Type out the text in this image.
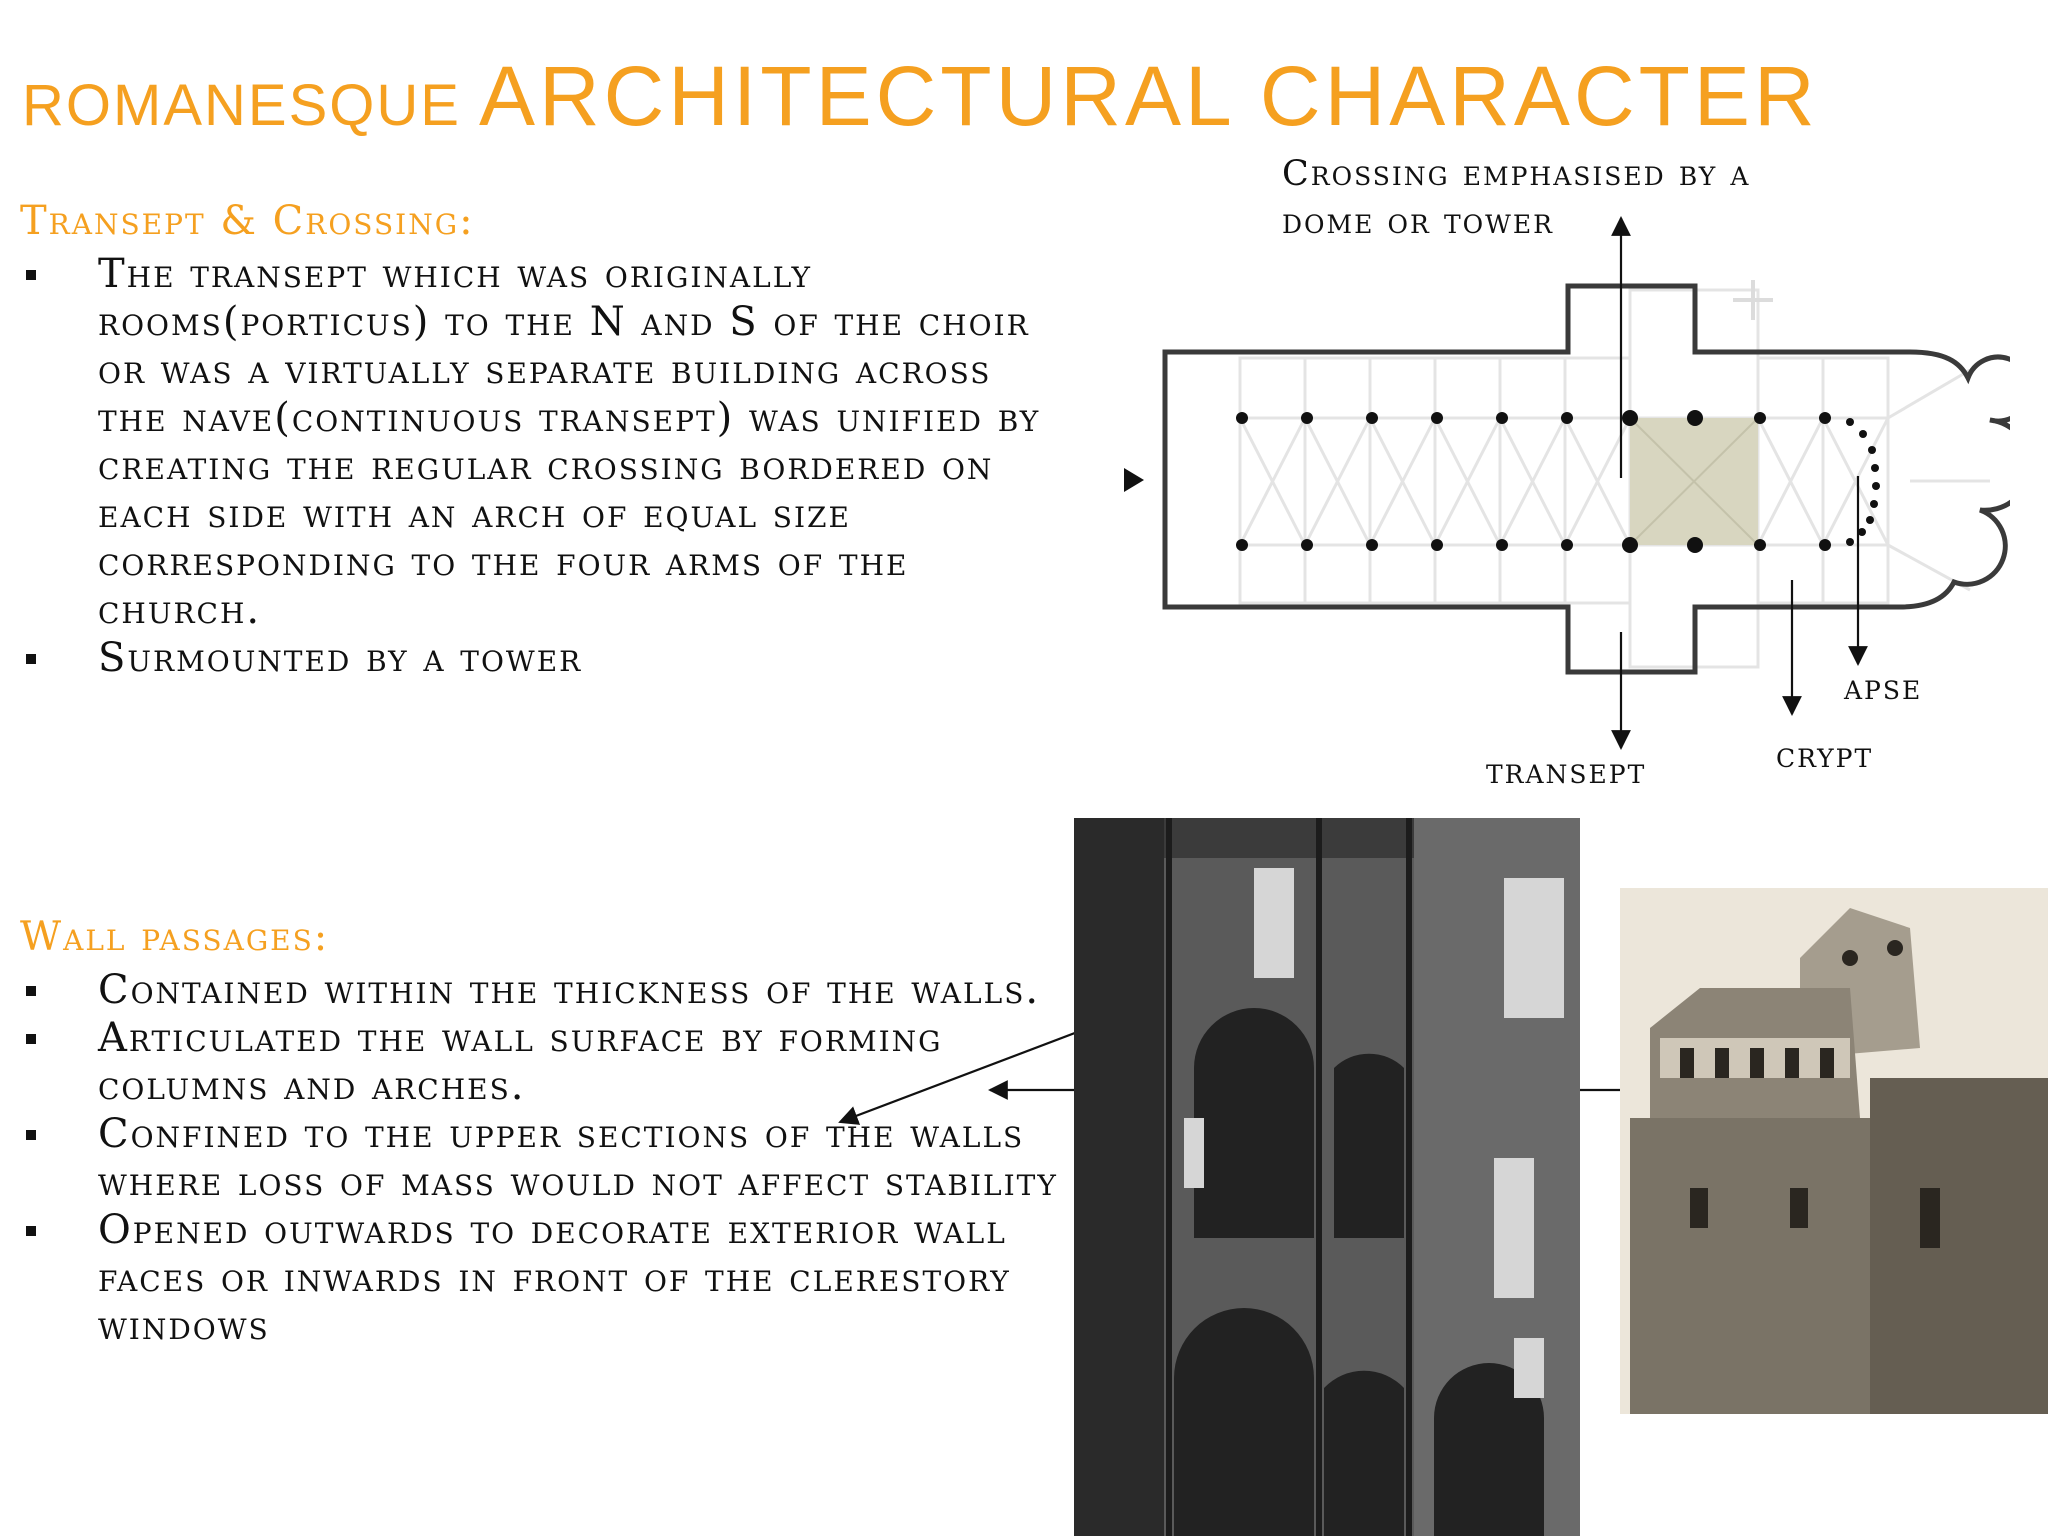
ROMANESQUE ARCHITECTURAL CHARACTER
Transept & Crossing:
The transept which was originally rooms(porticus) to the N and S of the choir or was a virtually separate building across the nave(continuous transept) was unified by creating the regular crossing bordered on each side with an arch of equal size corresponding to the four arms of the church.
Surmounted by a tower
Wall passages:
Contained within the thickness of the walls.
Articulated the wall surface by forming columns and arches.
Confined to the upper sections of the walls where loss of mass would not affect stability
Opened outwards to decorate exterior wall faces or inwards in front of the clerestory windows
Crossing emphasised by a
dome or tower
transept	crypt
apse
